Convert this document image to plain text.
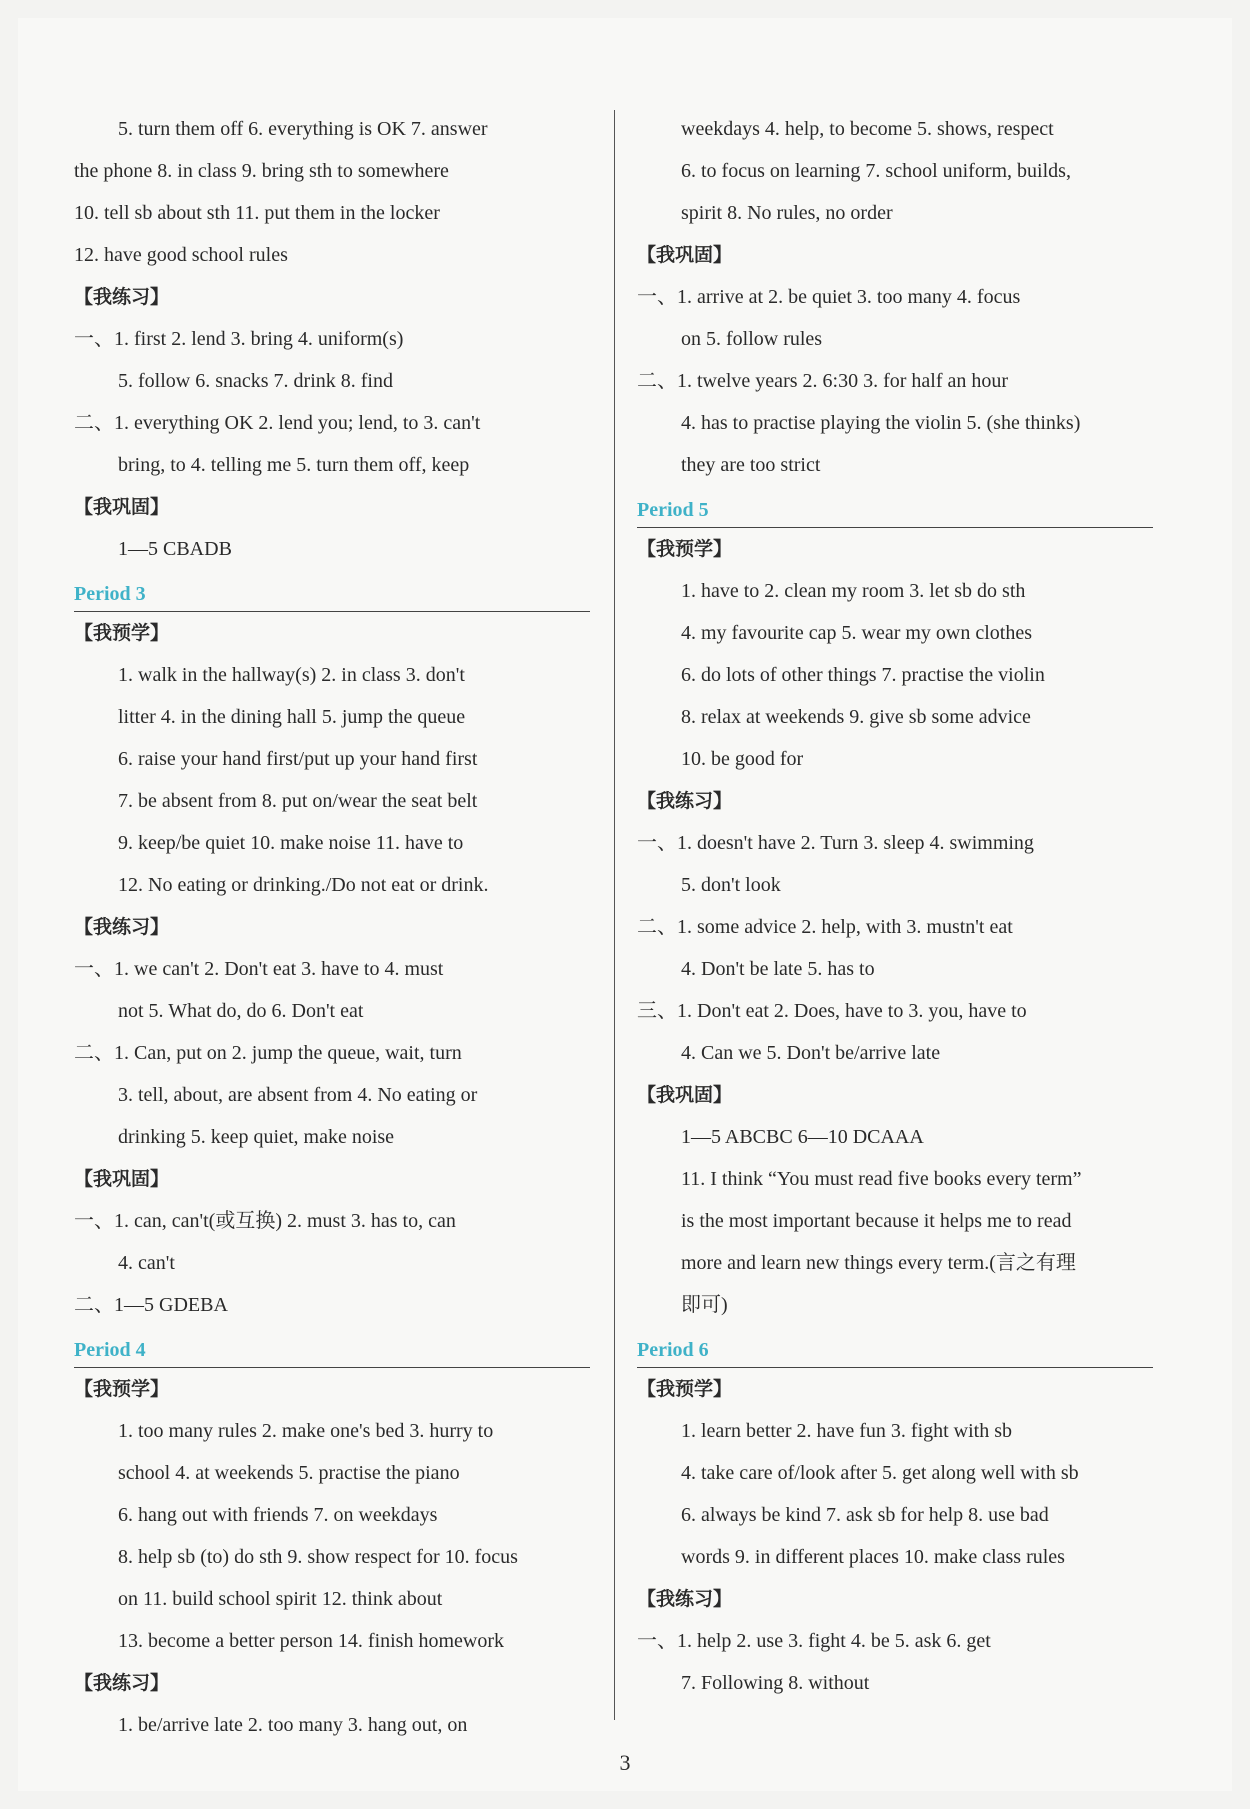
5. turn them off 6. everything is OK 7. answer
the phone 8. in class 9. bring sth to somewhere
10. tell sb about sth 11. put them in the locker
12. have good school rules
【我练习】
一、1. first 2. lend 3. bring 4. uniform(s)
5. follow 6. snacks 7. drink 8. find
二、1. everything OK 2. lend you; lend, to 3. can't
bring, to 4. telling me 5. turn them off, keep
【我巩固】
1—5 CBADB
Period 3
【我预学】
1. walk in the hallway(s) 2. in class 3. don't
litter 4. in the dining hall 5. jump the queue
6. raise your hand first/put up your hand first
7. be absent from 8. put on/wear the seat belt
9. keep/be quiet 10. make noise 11. have to
12. No eating or drinking./Do not eat or drink.
【我练习】
一、1. we can't 2. Don't eat 3. have to 4. must
not 5. What do, do 6. Don't eat
二、1. Can, put on 2. jump the queue, wait, turn
3. tell, about, are absent from 4. No eating or
drinking 5. keep quiet, make noise
【我巩固】
一、1. can, can't(或互换) 2. must 3. has to, can
4. can't
二、1—5 GDEBA
Period 4
【我预学】
1. too many rules 2. make one's bed 3. hurry to
school 4. at weekends 5. practise the piano
6. hang out with friends 7. on weekdays
8. help sb (to) do sth 9. show respect for 10. focus
on 11. build school spirit 12. think about
13. become a better person 14. finish homework
【我练习】
1. be/arrive late 2. too many 3. hang out, on
weekdays 4. help, to become 5. shows, respect
6. to focus on learning 7. school uniform, builds,
spirit 8. No rules, no order
【我巩固】
一、1. arrive at 2. be quiet 3. too many 4. focus
on 5. follow rules
二、1. twelve years 2. 6:30 3. for half an hour
4. has to practise playing the violin 5. (she thinks)
they are too strict
Period 5
【我预学】
1. have to 2. clean my room 3. let sb do sth
4. my favourite cap 5. wear my own clothes
6. do lots of other things 7. practise the violin
8. relax at weekends 9. give sb some advice
10. be good for
【我练习】
一、1. doesn't have 2. Turn 3. sleep 4. swimming
5. don't look
二、1. some advice 2. help, with 3. mustn't eat
4. Don't be late 5. has to
三、1. Don't eat 2. Does, have to 3. you, have to
4. Can we 5. Don't be/arrive late
【我巩固】
1—5 ABCBC 6—10 DCAAA
11. I think “You must read five books every term”
is the most important because it helps me to read
more and learn new things every term.(言之有理
即可)
Period 6
【我预学】
1. learn better 2. have fun 3. fight with sb
4. take care of/look after 5. get along well with sb
6. always be kind 7. ask sb for help 8. use bad
words 9. in different places 10. make class rules
【我练习】
一、1. help 2. use 3. fight 4. be 5. ask 6. get
7. Following 8. without
3
